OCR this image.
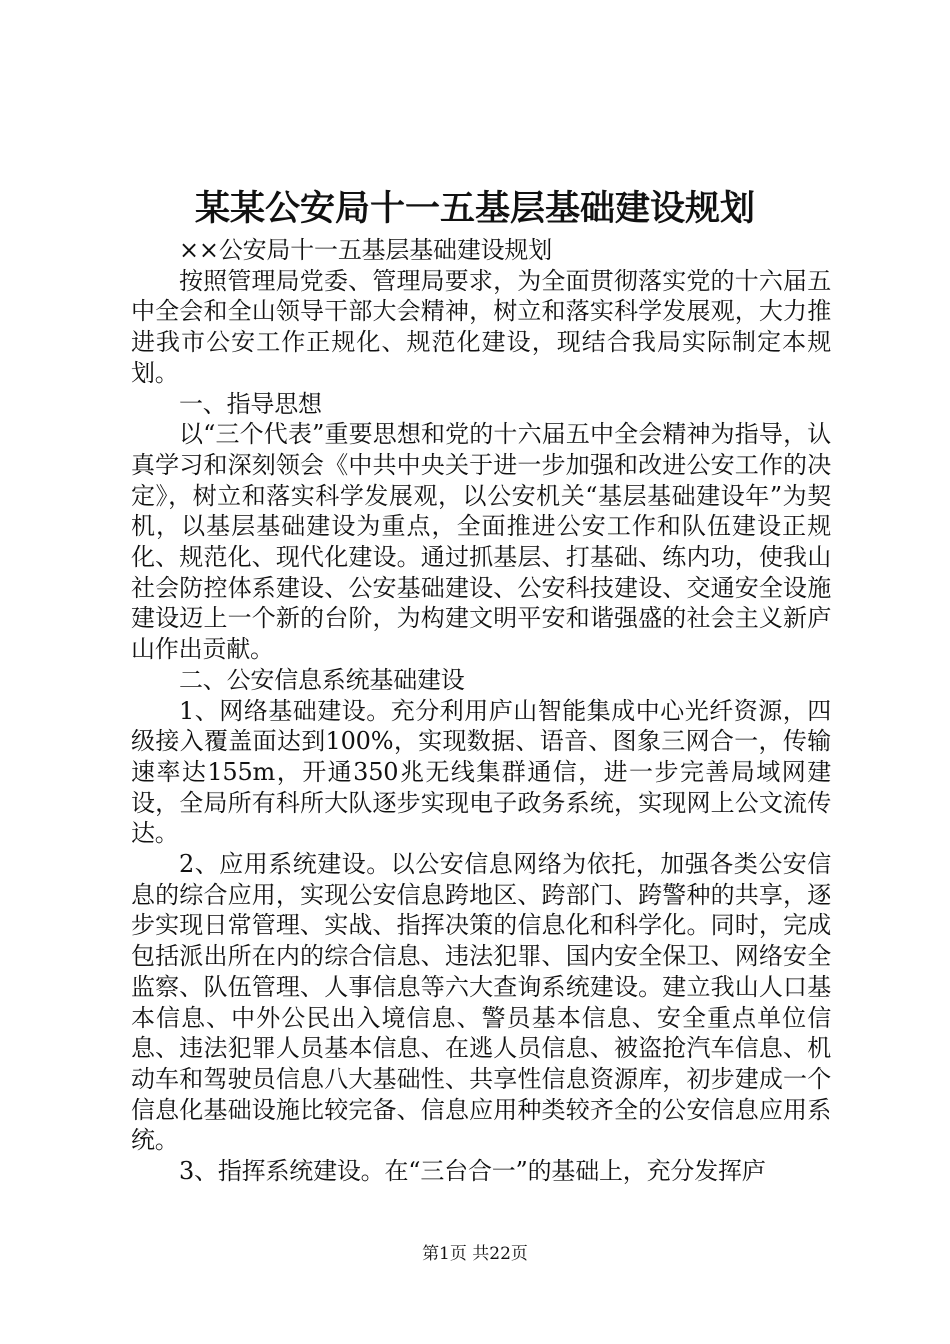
某某公安局十一五基层基础建设规划

××公安局十一五基层基础建设规划

按照管理局党委、管理局要求，为全面贯彻落实党的十六届五中全会和全山领导干部大会精神，树立和落实科学发展观，大力推进我市公安工作正规化、规范化建设，现结合我局实际制定本规划。

一、指导思想

以“三个代表”重要思想和党的十六届五中全会精神为指导，认真学习和深刻领会《中共中央关于进一步加强和改进公安工作的决定》，树立和落实科学发展观，以公安机关“基层基础建设年”为契机，以基层基础建设为重点，全面推进公安工作和队伍建设正规化、规范化、现代化建设。通过抓基层、打基础、练内功，使我山社会防控体系建设、公安基础建设、公安科技建设、交通安全设施建设迈上一个新的台阶，为构建文明平安和谐强盛的社会主义新庐山作出贡献。

二、公安信息系统基础建设

1、网络基础建设。充分利用庐山智能集成中心光纤资源，四级接入覆盖面达到100%，实现数据、语音、图象三网合一，传输速率达155m，开通350兆无线集群通信，进一步完善局域网建设，全局所有科所大队逐步实现电子政务系统，实现网上公文流传达。

2、应用系统建设。以公安信息网络为依托，加强各类公安信息的综合应用，实现公安信息跨地区、跨部门、跨警种的共享，逐步实现日常管理、实战、指挥决策的信息化和科学化。同时，完成包括派出所在内的综合信息、违法犯罪、国内安全保卫、网络安全监察、队伍管理、人事信息等六大查询系统建设。建立我山人口基本信息、中外公民出入境信息、警员基本信息、安全重点单位信息、违法犯罪人员基本信息、在逃人员信息、被盗抢汽车信息、机动车和驾驶员信息八大基础性、共享性信息资源库，初步建成一个信息化基础设施比较完备、信息应用种类较齐全的公安信息应用系统。

3、指挥系统建设。在“三台合一”的基础上，充分发挥庐

第1页 共22页
